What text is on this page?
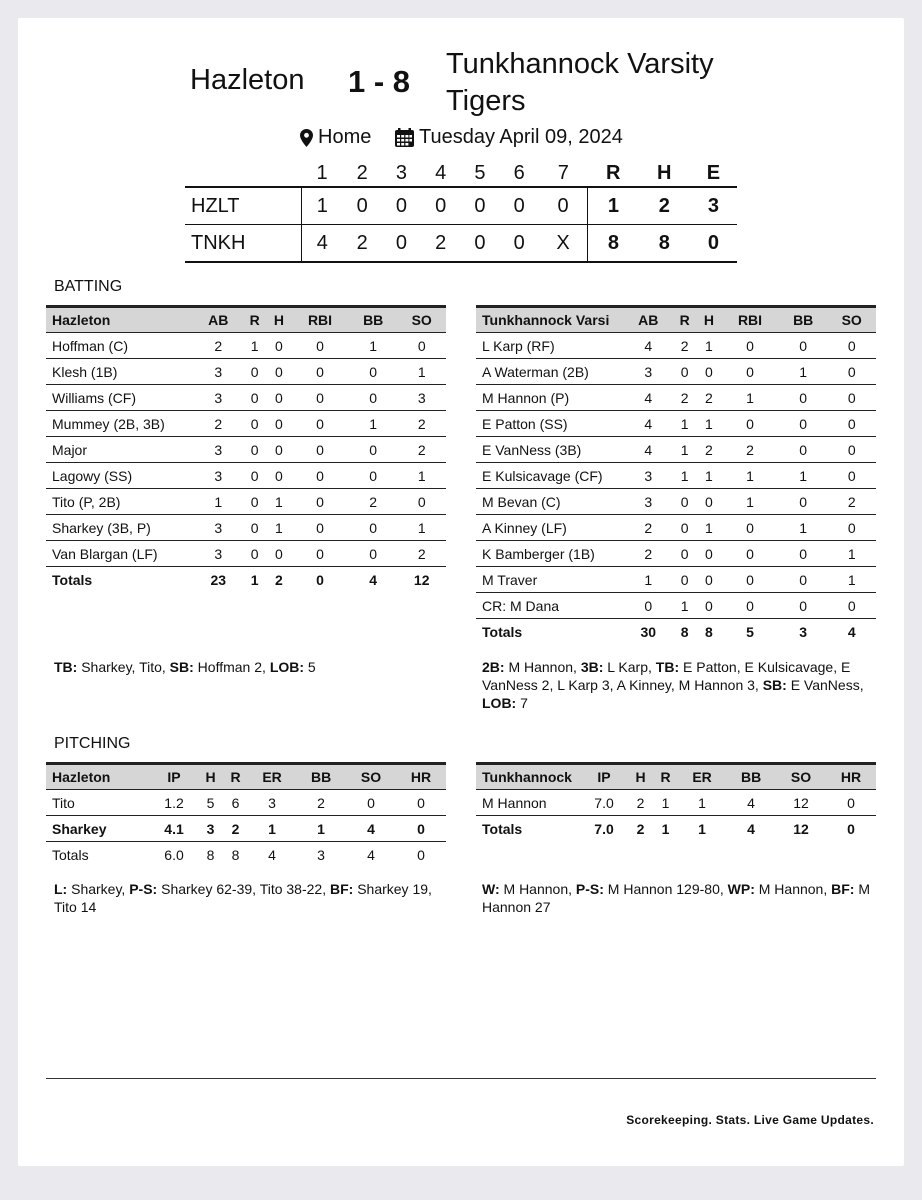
Hazleton 1 - 8 Tunkhannock Varsity Tigers
Home Tuesday April 09, 2024
	1	2	3	4	5	6	7	R	H	E
HZLT	1	0	0	0	0	0	0	1	2	3
TNKH	4	2	0	2	0	0	X	8	8	0
BATTING
Hazleton	AB	R	H	RBI	BB	SO
Hoffman (C)	2	1	0	0	1	0
Klesh (1B)	3	0	0	0	0	1
Williams (CF)	3	0	0	0	0	3
Mummey (2B, 3B)	2	0	0	0	1	2
Major	3	0	0	0	0	2
Lagowy (SS)	3	0	0	0	0	1
Tito (P, 2B)	1	0	1	0	2	0
Sharkey (3B, P)	3	0	1	0	0	1
Van Blargan (LF)	3	0	0	0	0	2
Totals	23	1	2	0	4	12
Tunkhannock Varsi	AB	R	H	RBI	BB	SO
L Karp (RF)	4	2	1	0	0	0
A Waterman (2B)	3	0	0	0	1	0
M Hannon (P)	4	2	2	1	0	0
E Patton (SS)	4	1	1	0	0	0
E VanNess (3B)	4	1	2	2	0	0
E Kulsicavage (CF)	3	1	1	1	1	0
M Bevan (C)	3	0	0	1	0	2
A Kinney (LF)	2	0	1	0	1	0
K Bamberger (1B)	2	0	0	0	0	1
M Traver	1	0	0	0	0	1
CR: M Dana	0	1	0	0	0	0
Totals	30	8	8	5	3	4
TB: Sharkey, Tito, SB: Hoffman 2, LOB: 5	2B: M Hannon, 3B: L Karp, TB: E Patton, E Kulsicavage, E VanNess 2, L Karp 3, A Kinney, M Hannon 3, SB: E VanNess, LOB: 7
PITCHING
Hazleton	IP	H	R	ER	BB	SO	HR
Tito	1.2	5	6	3	2	0	0
Sharkey	4.1	3	2	1	1	4	0
Totals	6.0	8	8	4	3	4	0
Tunkhannock	IP	H	R	ER	BB	SO	HR
M Hannon	7.0	2	1	1	4	12	0
Totals	7.0	2	1	1	4	12	0
L: Sharkey, P-S: Sharkey 62-39, Tito 38-22, BF: Sharkey 19, Tito 14
W: M Hannon, P-S: M Hannon 129-80, WP: M Hannon, BF: M Hannon 27
Scorekeeping. Stats. Live Game Updates.
